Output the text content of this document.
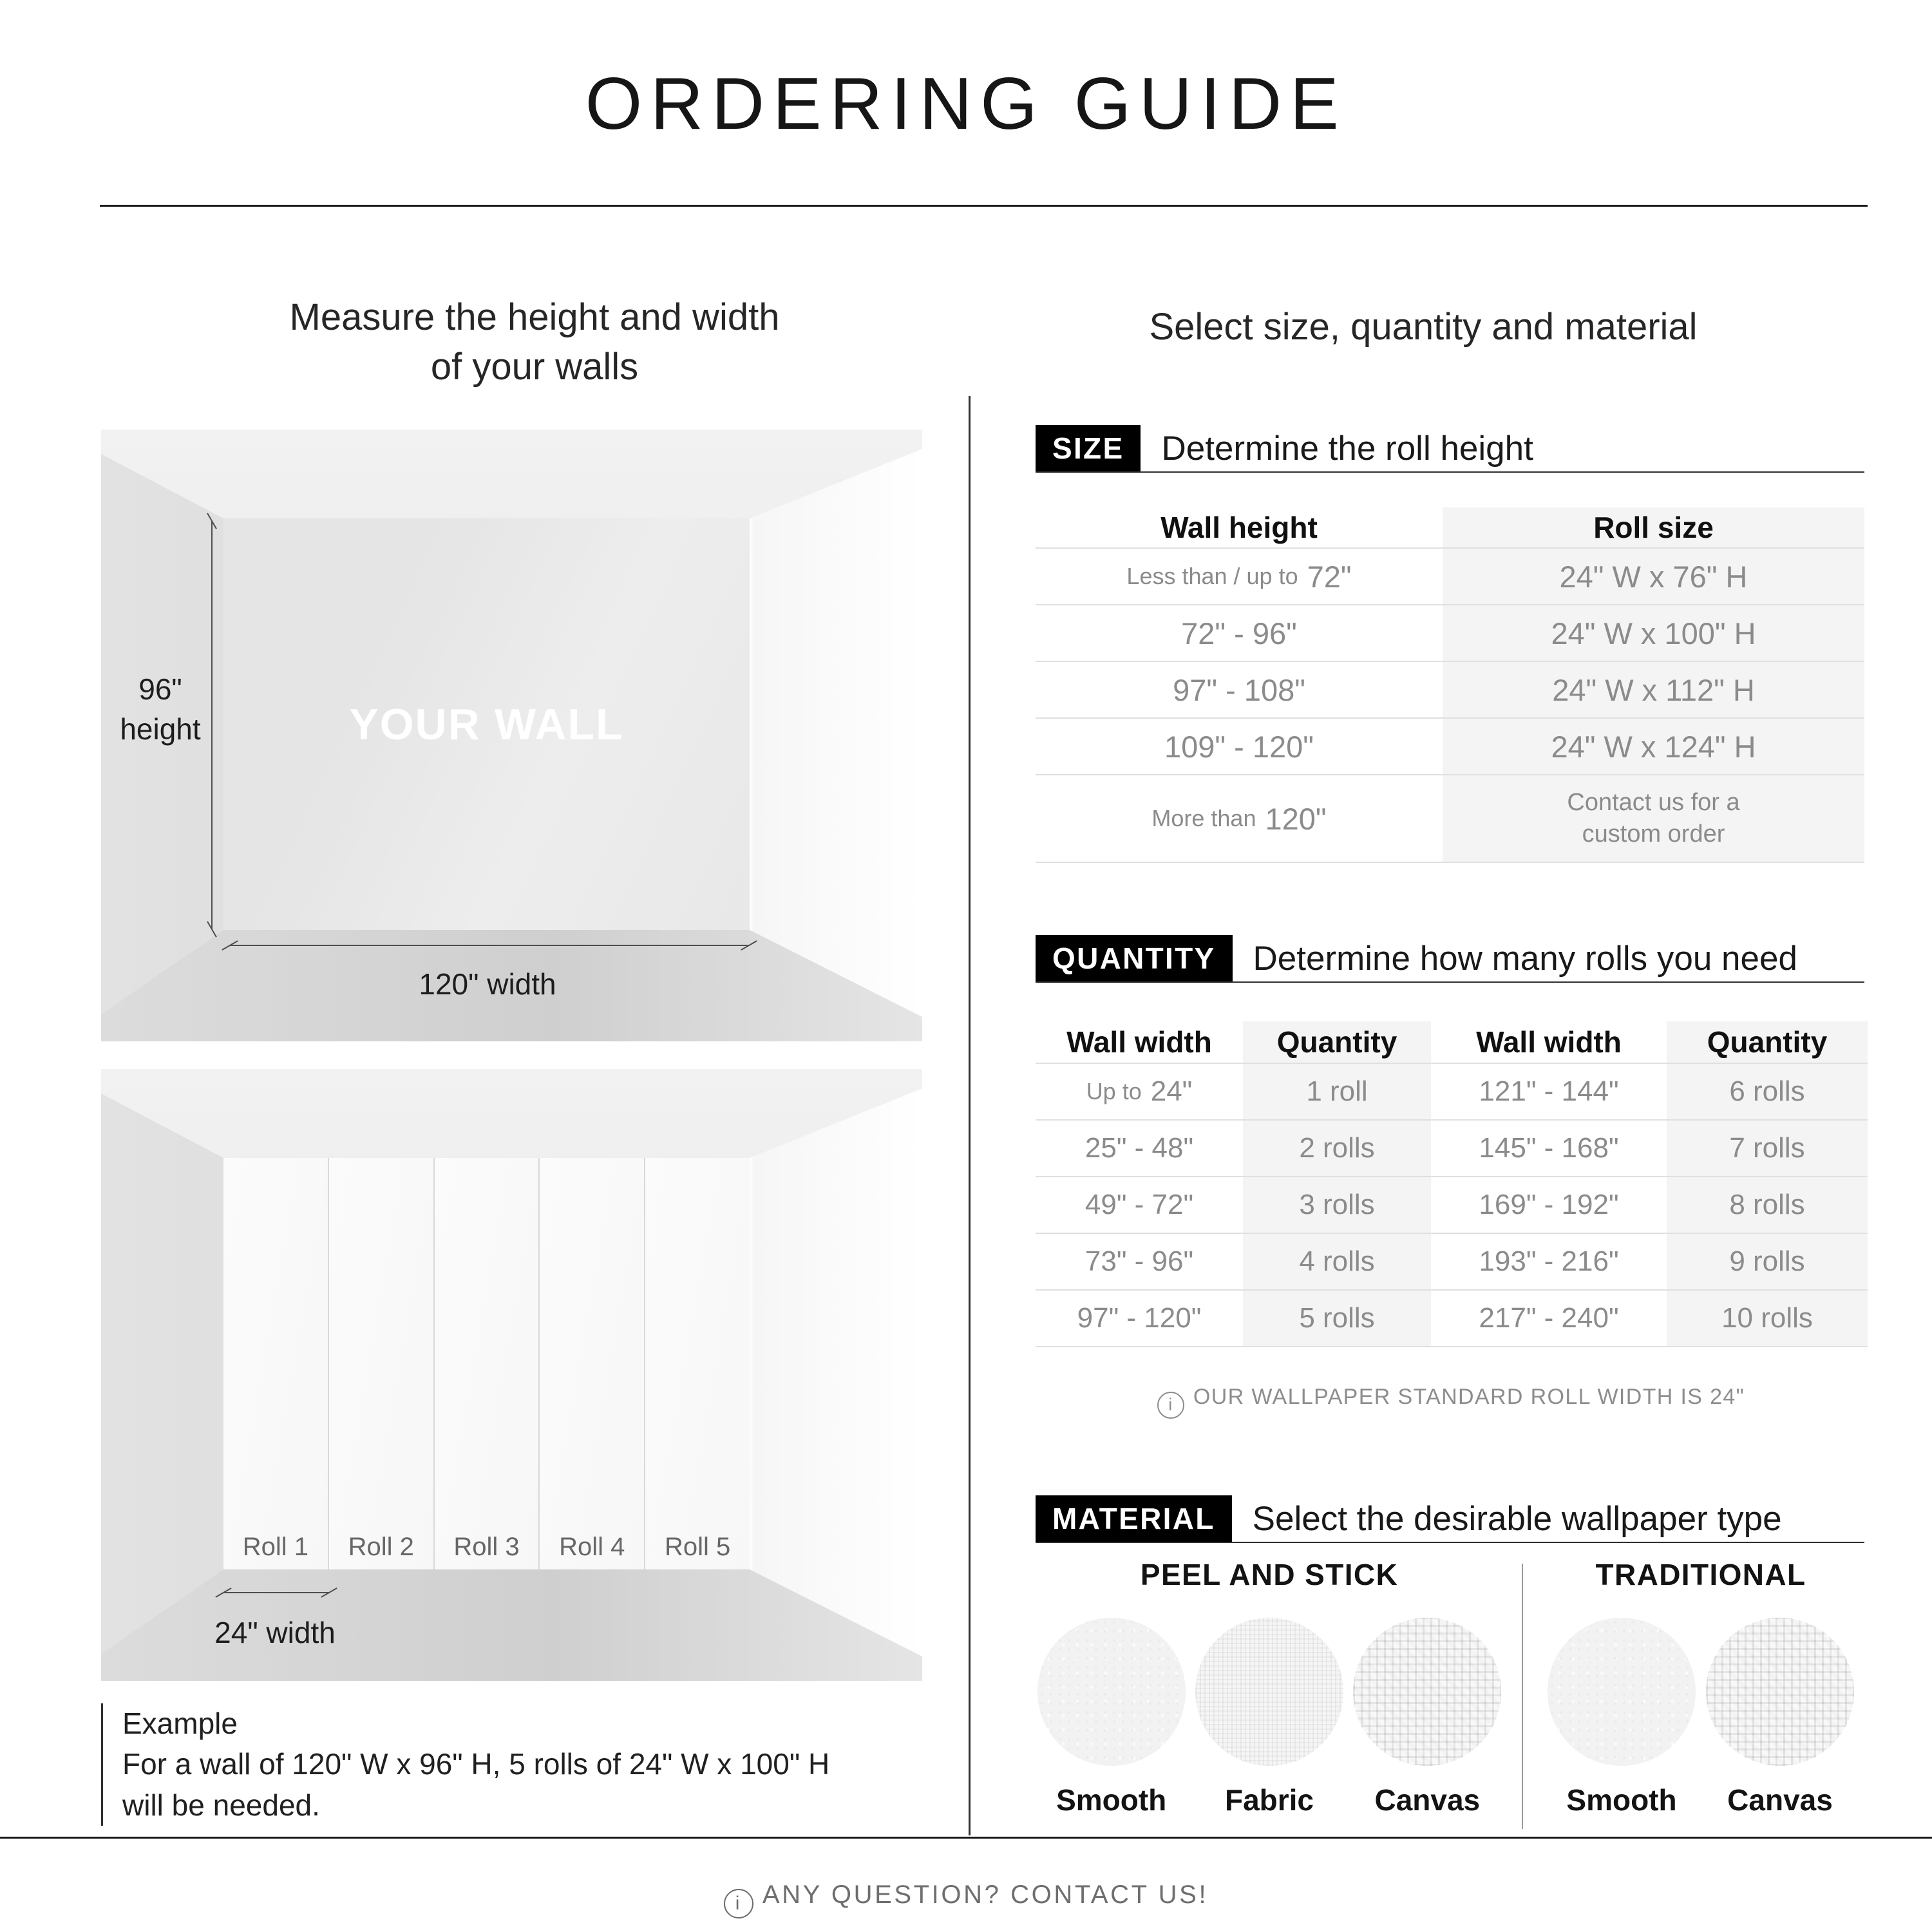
ORDERING GUIDE
Measure the height and width
of your walls
Select size, quantity and material
YOUR WALL
96"
height
120" width
Roll 1	Roll 2	Roll 3	Roll 4	Roll 5
24" width
Example
For a wall of 120" W x 96" H, 5 rolls of 24" W x 100" H
will be needed.
SIZE	Determine the roll height
Wall height	Roll size
Less than / up to 72"	24" W x 76" H
72" - 96"	24" W x 100" H
97" - 108"	24" W x 112" H
109" - 120"	24" W x 124" H
More than 120"	Contact us for a
custom order
QUANTITY	Determine how many rolls you need
Wall width	Quantity	Wall width	Quantity
Up to 24"	1 roll	121" - 144"	6 rolls
25" - 48"	2 rolls	145" - 168"	7 rolls
49" - 72"	3 rolls	169" - 192"	8 rolls
73" - 96"	4 rolls	193" - 216"	9 rolls
97" - 120"	5 rolls	217" - 240"	10 rolls
i OUR WALLPAPER STANDARD ROLL WIDTH IS 24"
MATERIAL	Select the desirable wallpaper type
PEEL AND STICK
Smooth Fabric Canvas
TRADITIONAL
Smooth Canvas
i ANY QUESTION? CONTACT US!
